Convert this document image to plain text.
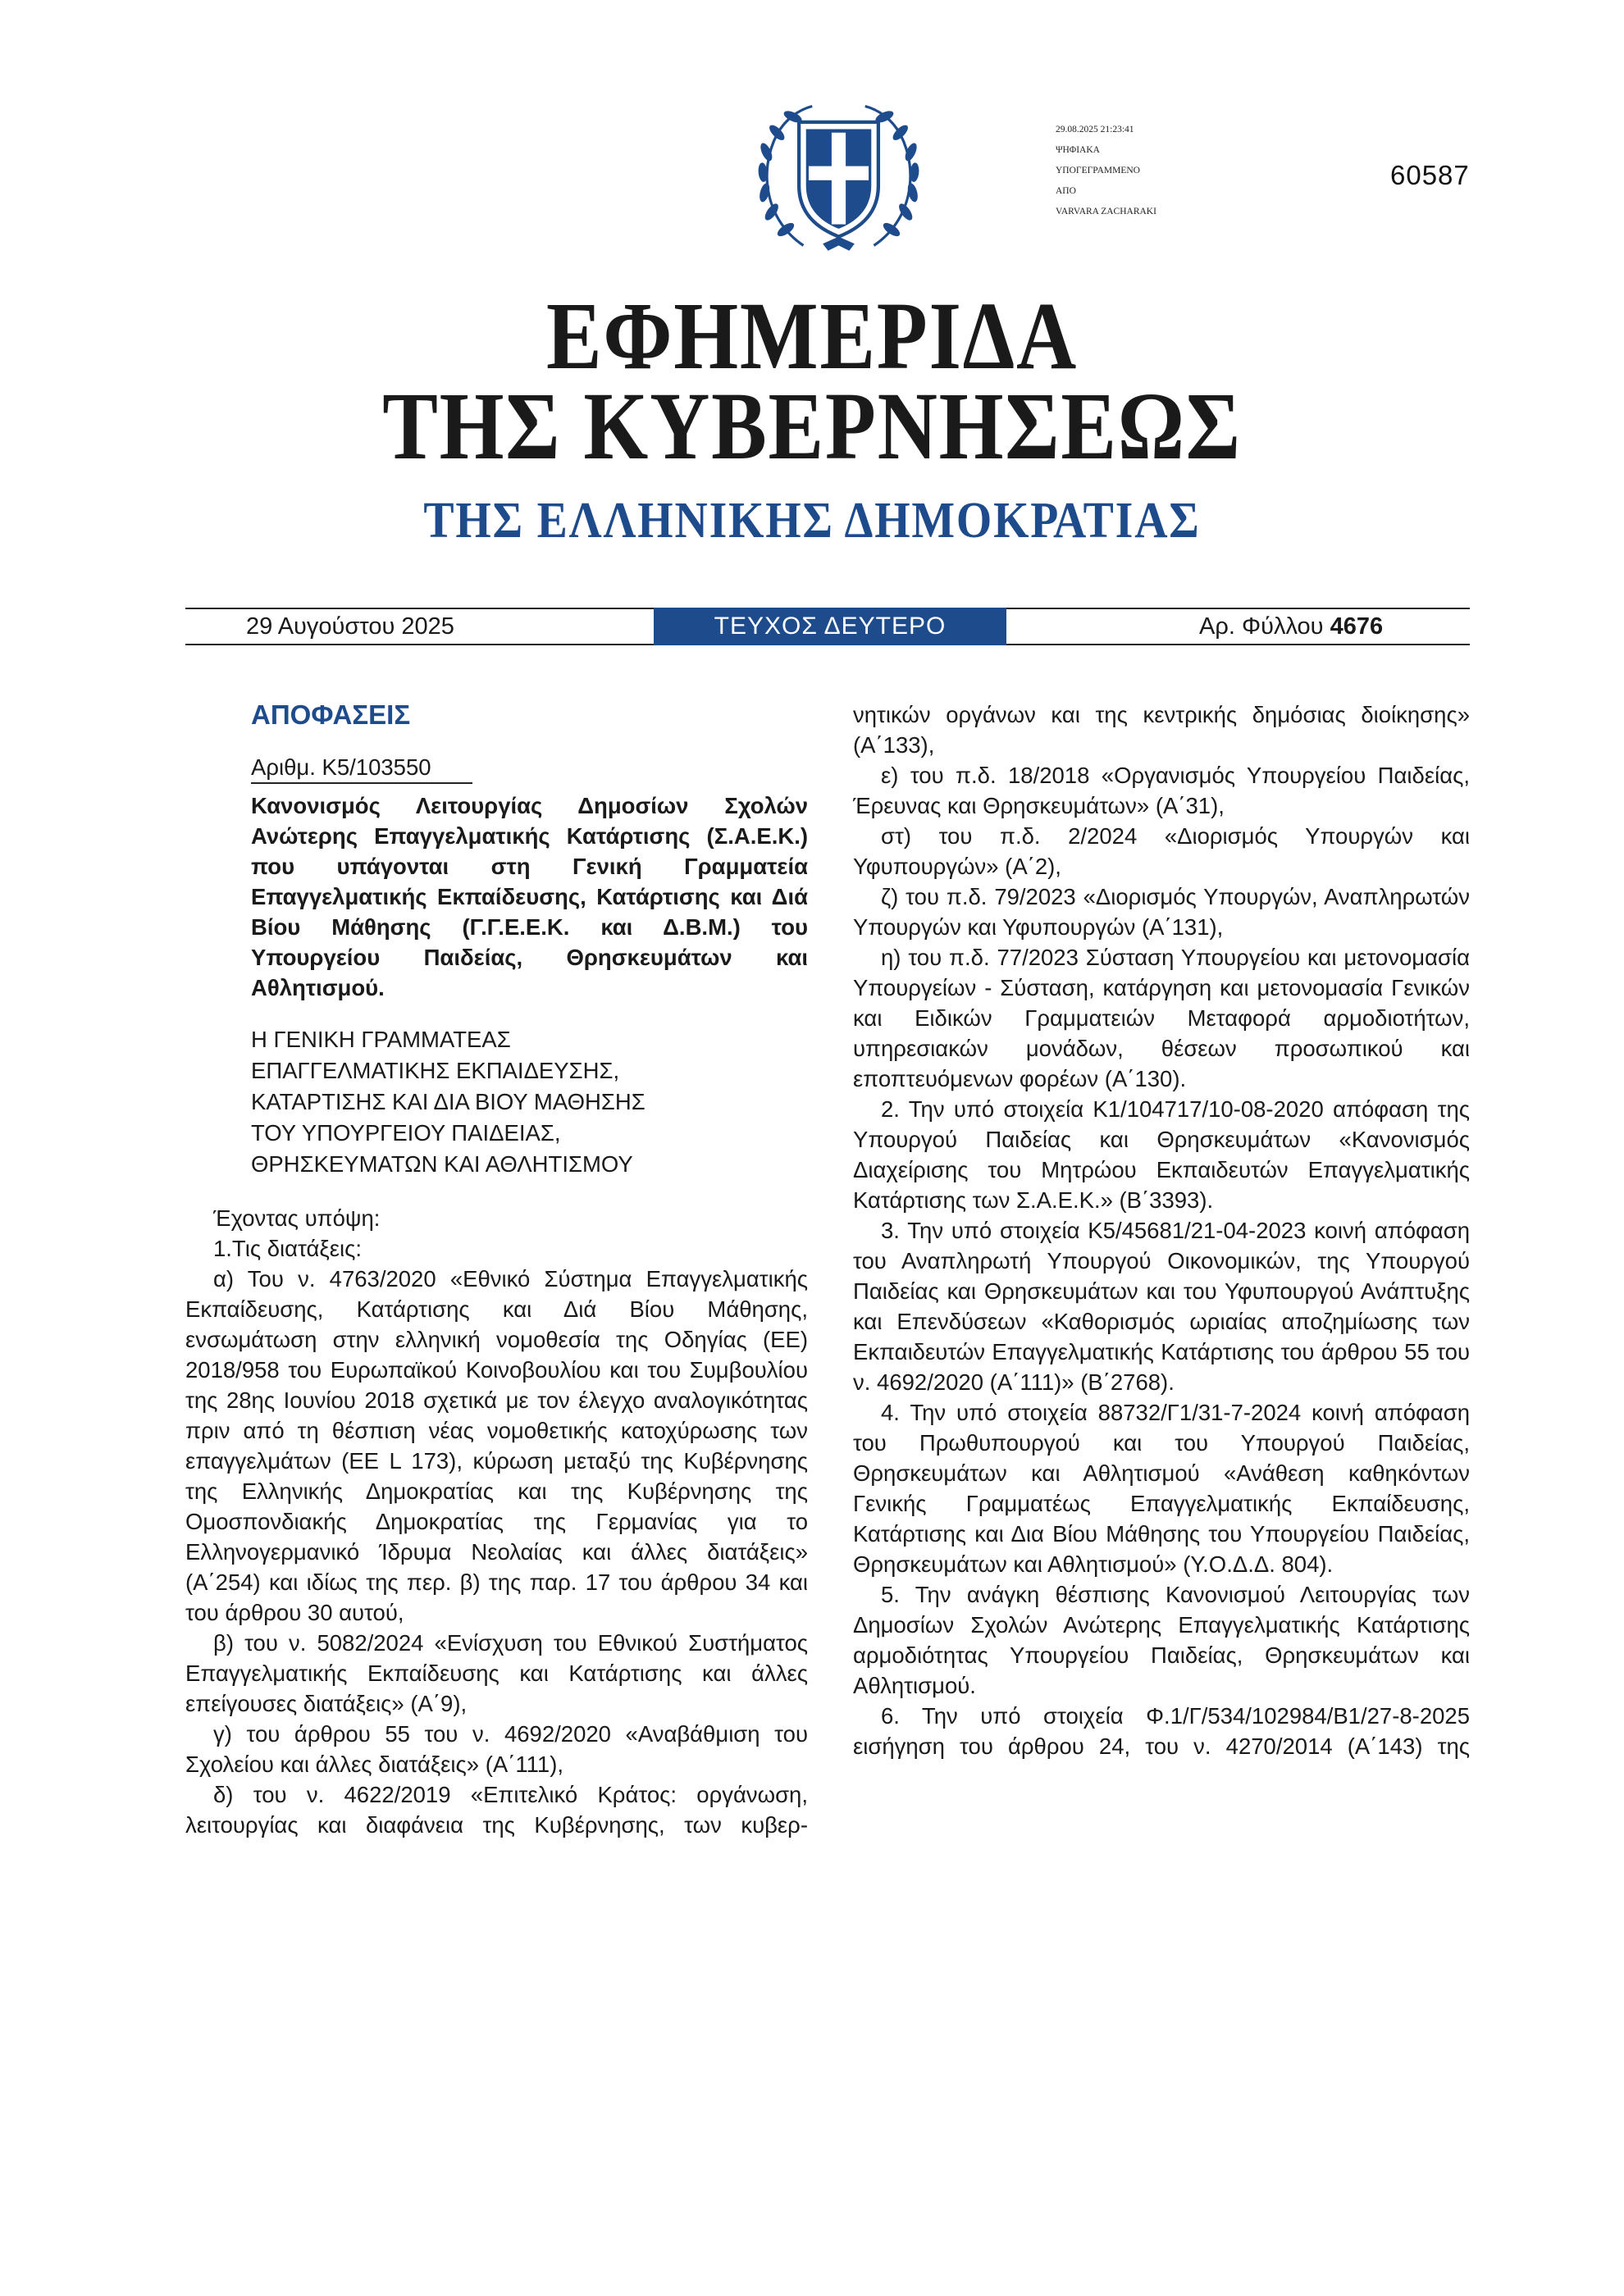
29.08.2025 21:23:41
ΨΗΦΙΑΚΑ
ΥΠΟΓΕΓΡΑΜΜΕΝΟ
ΑΠΟ
VARVARA ZACHARAKI
60587
ΕΦΗΜΕΡΙΔΑ
ΤΗΣ ΚΥΒΕΡΝΗΣΕΩΣ
ΤΗΣ ΕΛΛΗΝΙΚΗΣ ΔΗΜΟΚΡΑΤΙΑΣ
29 Αυγούστου 2025	ΤΕΥΧΟΣ ΔΕΥΤΕΡΟ	Αρ. Φύλλου 4676
ΑΠΟΦΑΣΕΙΣ
Αριθμ. Κ5/103550
Κανονισμός Λειτουργίας Δημοσίων Σχολών Ανώτερης Επαγγελματικής Κατάρτισης (Σ.Α.Ε.Κ.) που υπάγονται στη Γενική Γραμματεία Επαγγελματικής Εκπαίδευσης, Κατάρτισης και Διά Βίου Μάθησης (Γ.Γ.Ε.Ε.Κ. και Δ.Β.Μ.) του Υπουργείου Παιδείας, Θρησκευμάτων και Αθλητισμού.
Η ΓΕΝΙΚΗ ΓΡΑΜΜΑΤΕΑΣ
ΕΠΑΓΓΕΛΜΑΤΙΚΗΣ ΕΚΠΑΙΔΕΥΣΗΣ,
ΚΑΤΑΡΤΙΣΗΣ ΚΑΙ ΔΙΑ ΒΙΟΥ ΜΑΘΗΣΗΣ
ΤΟΥ ΥΠΟΥΡΓΕΙΟΥ ΠΑΙΔΕΙΑΣ,
ΘΡΗΣΚΕΥΜΑΤΩΝ ΚΑΙ ΑΘΛΗΤΙΣΜΟΥ
Έχοντας υπόψη:
1.Τις διατάξεις:
α) Του ν. 4763/2020 «Εθνικό Σύστημα Επαγγελματικής Εκπαίδευσης, Κατάρτισης και Διά Βίου Μάθησης, ενσωμάτωση στην ελληνική νομοθεσία της Οδηγίας (ΕΕ) 2018/958 του Ευρωπαϊκού Κοινοβουλίου και του Συμβουλίου της 28ης Ιουνίου 2018 σχετικά με τον έλεγχο αναλογικότητας πριν από τη θέσπιση νέας νομοθετικής κατοχύρωσης των επαγγελμάτων (ΕΕ L 173), κύρωση μεταξύ της Κυβέρνησης της Ελληνικής Δημοκρατίας και της Κυβέρνησης της Ομοσπονδιακής Δημοκρατίας της Γερμανίας για το Ελληνογερμανικό Ίδρυμα Νεολαίας και άλλες διατάξεις» (Α΄254) και ιδίως της περ. β) της παρ. 17 του άρθρου 34 και του άρθρου 30 αυτού,
β) του ν. 5082/2024 «Ενίσχυση του Εθνικού Συστήματος Επαγγελματικής Εκπαίδευσης και Κατάρτισης και άλλες επείγουσες διατάξεις» (Α΄9),
γ) του άρθρου 55 του ν. 4692/2020 «Αναβάθμιση του Σχολείου και άλλες διατάξεις» (Α΄111),
δ) του ν. 4622/2019 «Επιτελικό Κράτος: οργάνωση, λειτουργίας και διαφάνεια της Κυβέρνησης, των κυβερ-
νητικών οργάνων και της κεντρικής δημόσιας διοίκησης» (Α΄133),
ε) του π.δ. 18/2018 «Οργανισμός Υπουργείου Παιδείας, Έρευνας και Θρησκευμάτων» (Α΄31),
στ) του π.δ. 2/2024 «Διορισμός Υπουργών και Υφυπουργών» (Α΄2),
ζ) του π.δ. 79/2023 «Διορισμός Υπουργών, Αναπληρωτών Υπουργών και Υφυπουργών (Α΄131),
η) του π.δ. 77/2023 Σύσταση Υπουργείου και μετονομασία Υπουργείων - Σύσταση, κατάργηση και μετονομασία Γενικών και Ειδικών Γραμματειών Μεταφορά αρμοδιοτήτων, υπηρεσιακών μονάδων, θέσεων προσωπικού και εποπτευόμενων φορέων (Α΄130).
2. Την υπό στοιχεία Κ1/104717/10-08-2020 απόφαση της Υπουργού Παιδείας και Θρησκευμάτων «Κανονισμός Διαχείρισης του Μητρώου Εκπαιδευτών Επαγγελματικής Κατάρτισης των Σ.Α.Ε.Κ.» (Β΄3393).
3. Την υπό στοιχεία Κ5/45681/21-04-2023 κοινή απόφαση του Αναπληρωτή Υπουργού Οικονομικών, της Υπουργού Παιδείας και Θρησκευμάτων και του Υφυπουργού Ανάπτυξης και Επενδύσεων «Καθορισμός ωριαίας αποζημίωσης των Εκπαιδευτών Επαγγελματικής Κατάρτισης του άρθρου 55 του ν. 4692/2020 (Α΄111)» (Β΄2768).
4. Την υπό στοιχεία 88732/Γ1/31-7-2024 κοινή απόφαση του Πρωθυπουργού και του Υπουργού Παιδείας, Θρησκευμάτων και Αθλητισμού «Ανάθεση καθηκόντων Γενικής Γραμματέως Επαγγελματικής Εκπαίδευσης, Κατάρτισης και Δια Βίου Μάθησης του Υπουργείου Παιδείας, Θρησκευμάτων και Αθλητισμού» (Υ.Ο.Δ.Δ. 804).
5. Την ανάγκη θέσπισης Κανονισμού Λειτουργίας των Δημοσίων Σχολών Ανώτερης Επαγγελματικής Κατάρτισης αρμοδιότητας Υπουργείου Παιδείας, Θρησκευμάτων και Αθλητισμού.
6. Την υπό στοιχεία Φ.1/Γ/534/102984/Β1/27-8-2025 εισήγηση του άρθρου 24, του ν. 4270/2014 (Α΄143) της
